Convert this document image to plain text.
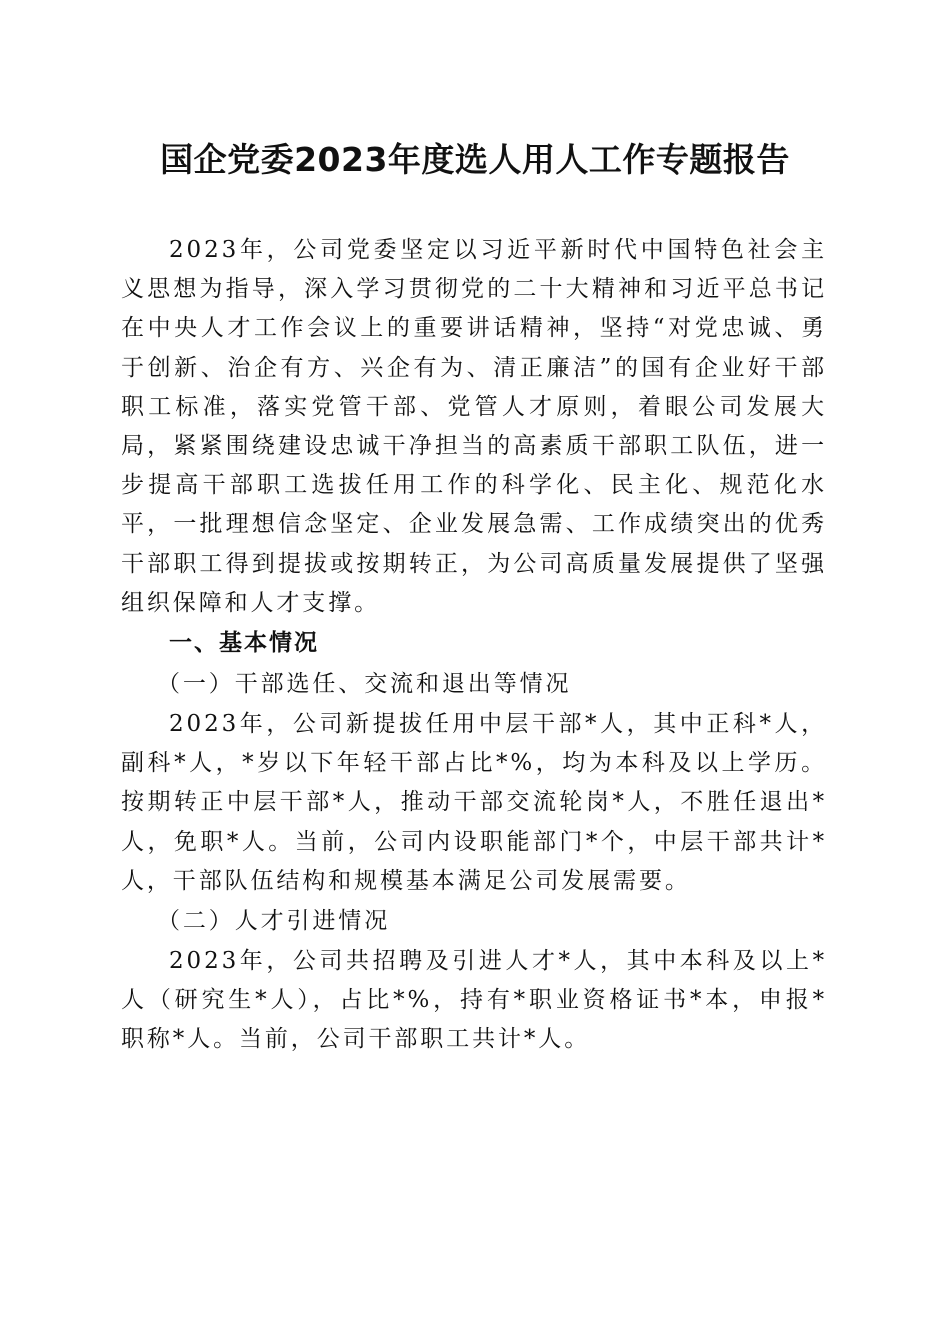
国企党委2023年度选人用人工作专题报告

2023年，公司党委坚定以习近平新时代中国特色社会主义思想为指导，深入学习贯彻党的二十大精神和习近平总书记在中央人才工作会议上的重要讲话精神，坚持“对党忠诚、勇于创新、治企有方、兴企有为、清正廉洁”的国有企业好干部职工标准，落实党管干部、党管人才原则，着眼公司发展大局，紧紧围绕建设忠诚干净担当的高素质干部职工队伍，进一步提高干部职工选拔任用工作的科学化、民主化、规范化水平，一批理想信念坚定、企业发展急需、工作成绩突出的优秀干部职工得到提拔或按期转正，为公司高质量发展提供了坚强组织保障和人才支撑。

一、基本情况
（一）干部选任、交流和退出等情况

2023年，公司新提拔任用中层干部*人，其中正科*人，副科*人，*岁以下年轻干部占比*%，均为本科及以上学历。按期转正中层干部*人，推动干部交流轮岗*人，不胜任退出*人，免职*人。当前，公司内设职能部门*个，中层干部共计*人，干部队伍结构和规模基本满足公司发展需要。

（二）人才引进情况

2023年，公司共招聘及引进人才*人，其中本科及以上*人（研究生*人），占比*%，持有*职业资格证书*本，申报*职称*人。当前，公司干部职工共计*人。
